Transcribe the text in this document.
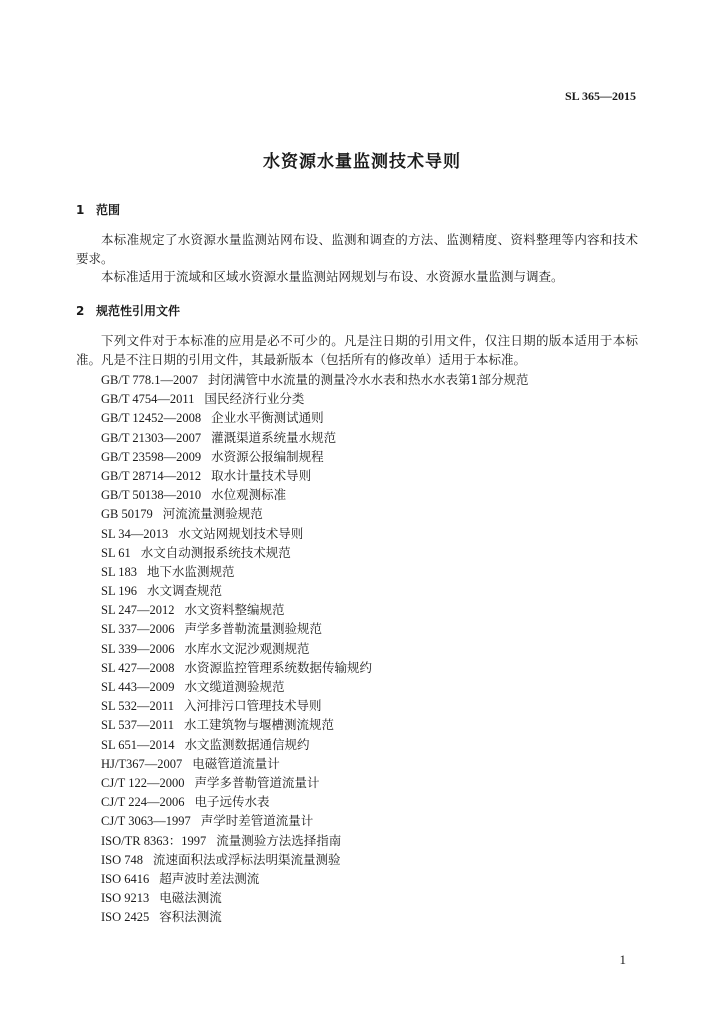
SL 365—2015
水资源水量监测技术导则
1 范围
本标准规定了水资源水量监测站网布设、监测和调查的方法、监测精度、资料整理等内容和技术要求。
本标准适用于流域和区域水资源水量监测站网规划与布设、水资源水量监测与调查。
2 规范性引用文件
下列文件对于本标准的应用是必不可少的。凡是注日期的引用文件，仅注日期的版本适用于本标准。凡是不注日期的引用文件，其最新版本（包括所有的修改单）适用于本标准。
GB/T 778.1—2007 封闭满管中水流量的测量冷水水表和热水水表第1部分规范
GB/T 4754—2011 国民经济行业分类
GB/T 12452—2008 企业水平衡测试通则
GB/T 21303—2007 灌溉渠道系统量水规范
GB/T 23598—2009 水资源公报编制规程
GB/T 28714—2012 取水计量技术导则
GB/T 50138—2010 水位观测标准
GB 50179 河流流量测验规范
SL 34—2013 水文站网规划技术导则
SL 61 水文自动测报系统技术规范
SL 183 地下水监测规范
SL 196 水文调查规范
SL 247—2012 水文资料整编规范
SL 337—2006 声学多普勒流量测验规范
SL 339—2006 水库水文泥沙观测规范
SL 427—2008 水资源监控管理系统数据传输规约
SL 443—2009 水文缆道测验规范
SL 532—2011 入河排污口管理技术导则
SL 537—2011 水工建筑物与堰槽测流规范
SL 651—2014 水文监测数据通信规约
HJ/T367—2007 电磁管道流量计
CJ/T 122—2000 声学多普勒管道流量计
CJ/T 224—2006 电子远传水表
CJ/T 3063—1997 声学时差管道流量计
ISO/TR 8363：1997 流量测验方法选择指南
ISO 748 流速面积法或浮标法明渠流量测验
ISO 6416 超声波时差法测流
ISO 9213 电磁法测流
ISO 2425 容积法测流
1
